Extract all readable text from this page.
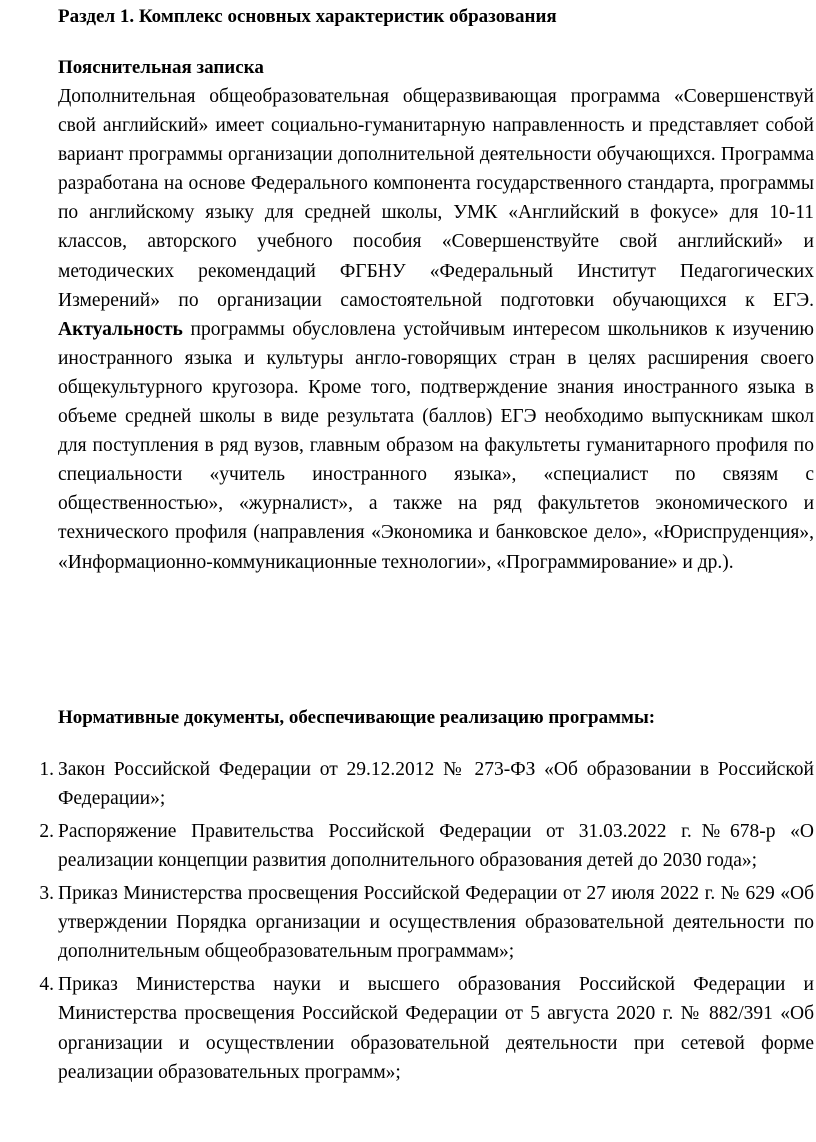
Раздел 1. Комплекс основных характеристик образования
Пояснительная записка

Дополнительная общеобразовательная общеразвивающая программа «Совершенствуй свой английский» имеет социально-гуманитарную направленность и представляет собой вариант программы организации дополнительной деятельности обучающихся. Программа разработана на основе Федерального компонента государственного стандарта, программы по английскому языку для средней школы, УМК «Английский в фокусе» для 10-11 классов, авторского учебного пособия «Совершенствуйте свой английский» и методических рекомендаций ФГБНУ «Федеральный Институт Педагогических Измерений» по организации самостоятельной подготовки обучающихся к ЕГЭ. Актуальность программы обусловлена устойчивым интересом школьников к изучению иностранного языка и культуры англо-говорящих стран в целях расширения своего общекультурного кругозора. Кроме того, подтверждение знания иностранного языка в объеме средней школы в виде результата (баллов) ЕГЭ необходимо выпускникам школ для поступления в ряд вузов, главным образом на факультеты гуманитарного профиля по специальности «учитель иностранного языка», «специалист по связям с общественностью», «журналист», а также на ряд факультетов экономического и технического профиля (направления «Экономика и банковское дело», «Юриспруденция», «Информационно-коммуникационные технологии», «Программирование» и др.).

Нормативные документы, обеспечивающие реализацию программы:
1. Закон Российской Федерации от 29.12.2012 № 273-ФЗ «Об образовании в Российской Федерации»;
2. Распоряжение Правительства Российской Федерации от 31.03.2022 г.№678-р «О реализации концепции развития дополнительного образования детей до 2030 года»;
3. Приказ Министерства просвещения Российской Федерации от 27 июля 2022 г. № 629 «Об утверждении Порядка организации и осуществления образовательной деятельности по дополнительным общеобразовательным программам»;
4. Приказ Министерства науки и высшего образования Российской Федерации и Министерства просвещения Российской Федерации от 5 августа 2020 г. № 882/391 «Об организации и осуществлении образовательной деятельности при сетевой форме реализации образовательных программ»;
